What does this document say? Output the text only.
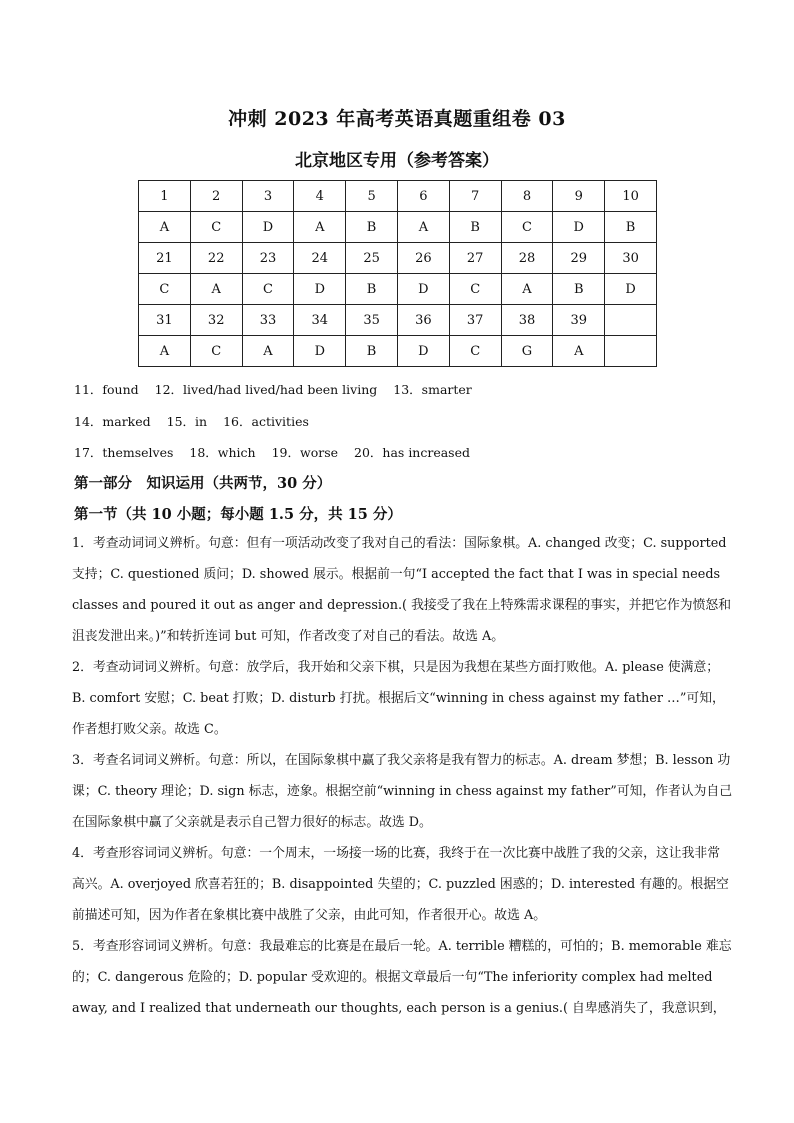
冲刺 2023 年高考英语真题重组卷 03
北京地区专用（参考答案）
1	2	3	4	5	6	7	8	9	10
A	C	D	A	B	A	B	C	D	B
21	22	23	24	25	26	27	28	29	30
C	A	C	D	B	D	C	A	B	D
31	32	33	34	35	36	37	38	39	
A	C	A	D	B	D	C	G	A	
11．found 12．lived/had lived/had been living 13．smarter
14．marked 15．in 16．activities
17．themselves 18．which 19．worse 20．has increased
第一部分　知识运用（共两节，30 分）
第一节（共 10 小题；每小题 1.5 分，共 15 分）

1．考查动词词义辨析。句意：但有一项活动改变了我对自己的看法：国际象棋。A. changed 改变；C. supported 支持；C. questioned 质问；D. showed 展示。根据前一句“I accepted the fact that I was in special needs classes and poured it out as anger and depression.( 我接受了我在上特殊需求课程的事实，并把它作为愤怒和沮丧发泄出来。)”和转折连词 but 可知，作者改变了对自己的看法。故选 A。

2．考查动词词义辨析。句意：放学后，我开始和父亲下棋，只是因为我想在某些方面打败他。A. please 使满意；B. comfort 安慰；C. beat 打败；D. disturb 打扰。根据后文“winning in chess against my father …”可知，作者想打败父亲。故选 C。

3．考查名词词义辨析。句意：所以，在国际象棋中赢了我父亲将是我有智力的标志。A. dream 梦想；B. lesson 功课；C. theory 理论；D. sign 标志，迹象。根据空前“winning in chess against my father”可知，作者认为自己在国际象棋中赢了父亲就是表示自己智力很好的标志。故选 D。

4．考查形容词词义辨析。句意：一个周末，一场接一场的比赛，我终于在一次比赛中战胜了我的父亲，这让我非常高兴。A. overjoyed 欣喜若狂的；B. disappointed 失望的；C. puzzled 困惑的；D. interested 有趣的。根据空前描述可知，因为作者在象棋比赛中战胜了父亲，由此可知，作者很开心。故选 A。

5．考查形容词词义辨析。句意：我最难忘的比赛是在最后一轮。A. terrible 糟糕的，可怕的；B. memorable 难忘的；C. dangerous 危险的；D. popular 受欢迎的。根据文章最后一句“The inferiority complex had melted away, and I realized that underneath our thoughts, each person is a genius.( 自卑感消失了，我意识到，
